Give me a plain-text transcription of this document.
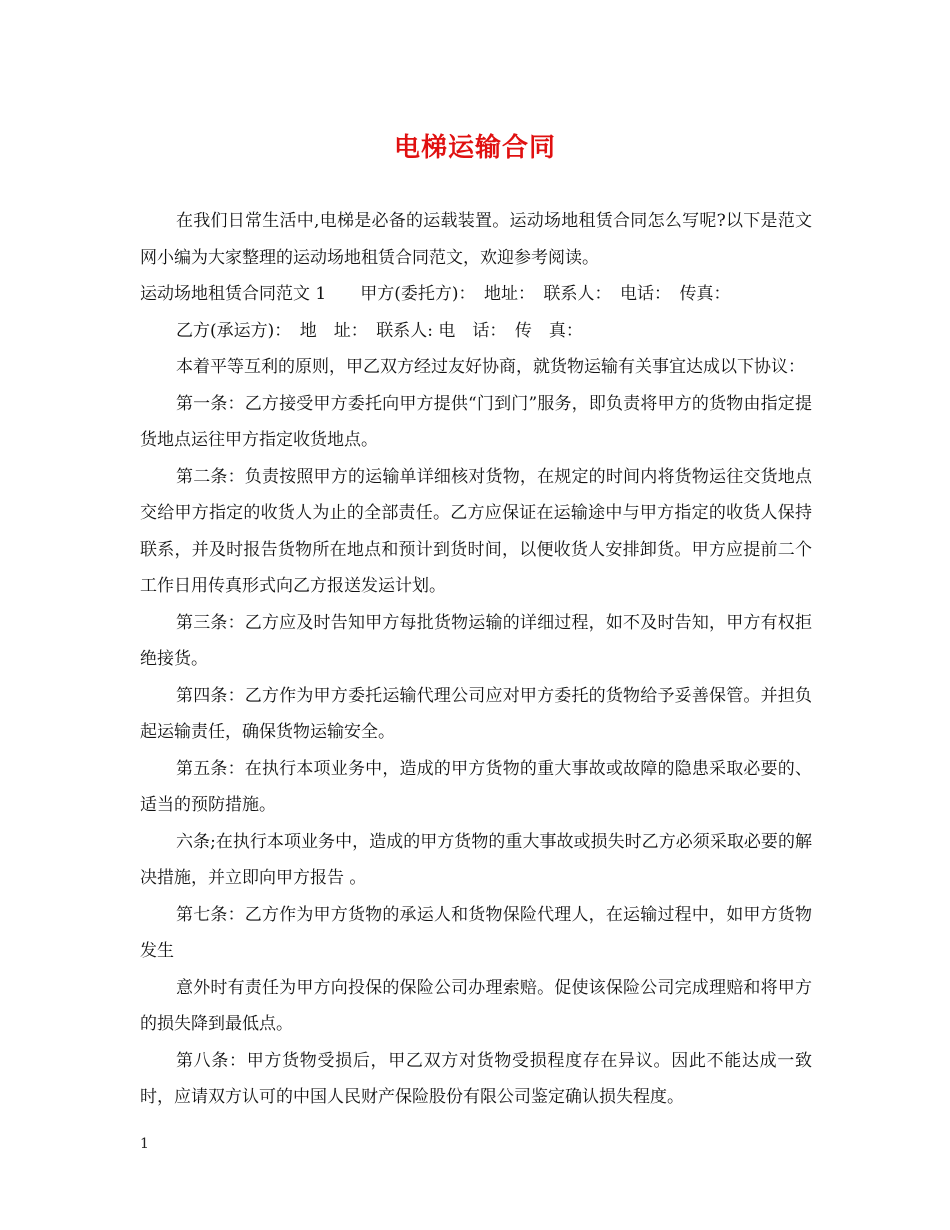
电梯运输合同

在我们日常生活中,电梯是必备的运载装置。运动场地租赁合同怎么写呢?以下是范文网小编为大家整理的运动场地租赁合同范文，欢迎参考阅读。

运动场地租赁合同范文 1　　甲方(委托方)：　地址：　联系人：　电话：　传真：

乙方(承运方)：　地　址：　联系人: 电　话：　传　真：

本着平等互利的原则，甲乙双方经过友好协商，就货物运输有关事宜达成以下协议：

第一条：乙方接受甲方委托向甲方提供“门到门”服务，即负责将甲方的货物由指定提货地点运往甲方指定收货地点。

第二条：负责按照甲方的运输单详细核对货物，在规定的时间内将货物运往交货地点交给甲方指定的收货人为止的全部责任。乙方应保证在运输途中与甲方指定的收货人保持联系，并及时报告货物所在地点和预计到货时间，以便收货人安排卸货。甲方应提前二个工作日用传真形式向乙方报送发运计划。

第三条：乙方应及时告知甲方每批货物运输的详细过程，如不及时告知，甲方有权拒绝接货。

第四条：乙方作为甲方委托运输代理公司应对甲方委托的货物给予妥善保管。并担负起运输责任，确保货物运输安全。

第五条：在执行本项业务中，造成的甲方货物的重大事故或故障的隐患采取必要的、适当的预防措施。

六条;在执行本项业务中，造成的甲方货物的重大事故或损失时乙方必须采取必要的解决措施，并立即向甲方报告 。

第七条：乙方作为甲方货物的承运人和货物保险代理人，在运输过程中，如甲方货物发生

意外时有责任为甲方向投保的保险公司办理索赔。促使该保险公司完成理赔和将甲方的损失降到最低点。

第八条：甲方货物受损后，甲乙双方对货物受损程度存在异议。因此不能达成一致时，应请双方认可的中国人民财产保险股份有限公司鉴定确认损失程度。

1
